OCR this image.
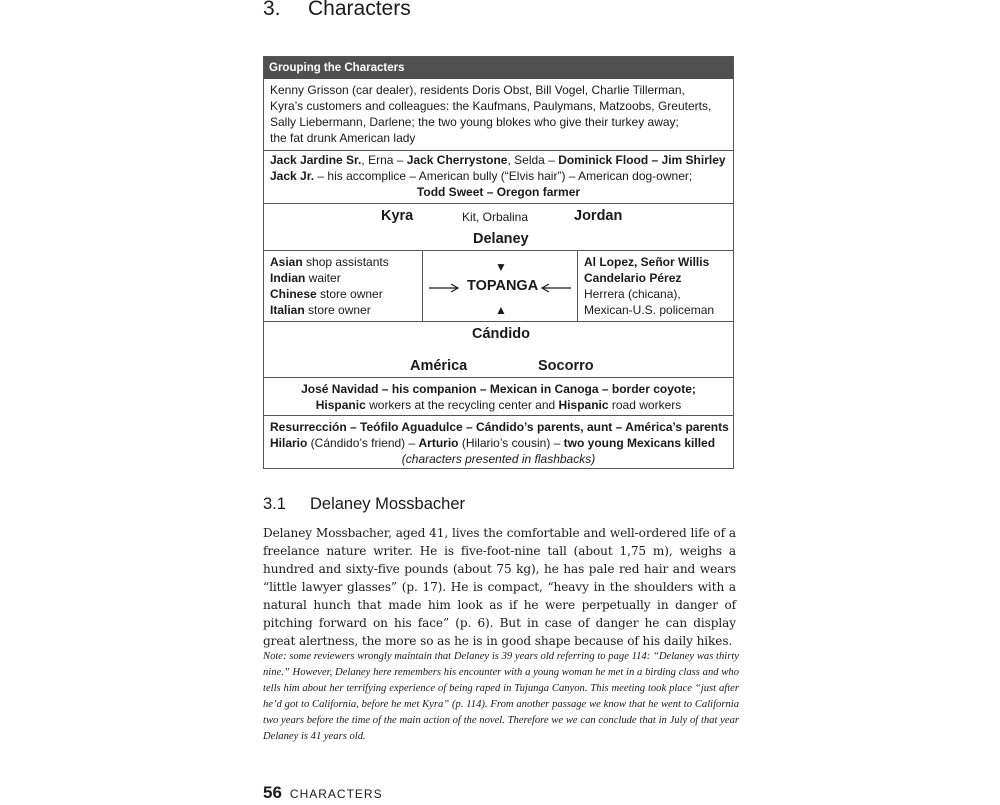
3. Characters
Grouping the Characters
Kenny Grisson (car dealer), residents Doris Obst, Bill Vogel, Charlie Tillerman,
Kyra’s customers and colleagues: the Kaufmans, Paulymans, Matzoobs, Greuterts,
Sally Liebermann, Darlene; the two young blokes who give their turkey away;
the fat drunk American lady
Jack Jardine Sr., Erna – Jack Cherrystone, Selda – Dominick Flood – Jim Shirley
Jack Jr. – his accomplice – American bully (“Elvis hair”) – American dog-owner;
Todd Sweet – Oregon farmer
Kyra	Kit, Orbalina	Jordan
Delaney
Asian shop assistants
Indian waiter
Chinese store owner
Italian store owner
▼
TOPANGA
▲
Al Lopez, Señor Willis
Candelario Pérez
Herrera (chicana),
Mexican-U.S. policeman
Cándido
América	Socorro
José Navidad – his companion – Mexican in Canoga – border coyote;
Hispanic workers at the recycling center and Hispanic road workers
Resurrección – Teófilo Aguadulce – Cándido’s parents, aunt – América’s parents
Hilario (Cándido’s friend) – Arturio (Hilario’s cousin) – two young Mexicans killed
(characters presented in flashbacks)
3.1 Delaney Mossbacher

Delaney Mossbacher, aged 41, lives the comfortable and well-ordered life of a freelance nature writer. He is five-foot-nine tall (about 1,75 m), weighs a hundred and sixty-five pounds (about 75 kg), he has pale red hair and wears “little lawyer glasses” (p. 17). He is compact, “heavy in the shoulders with a natural hunch that made him look as if he were perpetually in danger of pitching forward on his face” (p. 6). But in case of danger he can display great alertness, the more so as he is in good shape because of his daily hikes.

Note: some reviewers wrongly maintain that Delaney is 39 years old referring to page 114: “Delaney was thirty nine.” However, Delaney here remembers his encounter with a young woman he met in a birding class and who tells him about her terrifying experience of being raped in Tujunga Canyon. This meeting took place “just after he’d got to California, before he met Kyra” (p. 114). From another passage we know that he went to California two years before the time of the main action of the novel. Therefore we we can conclude that in July of that year Delaney is 41 years old.

56 CHARACTERS
